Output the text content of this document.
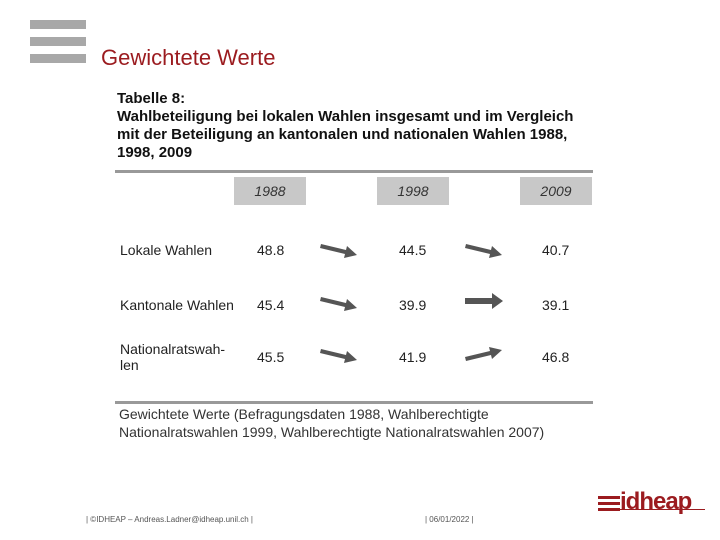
Gewichtete Werte
Tabelle 8:
Wahlbeteiligung bei lokalen Wahlen insgesamt und im Vergleich mit der Beteiligung an kantonalen und nationalen Wahlen 1988, 1998, 2009
1988	1998	2009
Lokale Wahlen	48.8	44.5	40.7
Kantonale Wahlen 45.4	39.9	39.1
Nationalratswah-len	45.5	41.9	46.8
Gewichtete Werte (Befragungsdaten 1988, Wahlberechtigte Nationalratswahlen 1999, Wahlberechtigte Nationalratswahlen 2007)
| ©IDHEAP – Andreas.Ladner@idheap.unil.ch |	| 06/01/2022 |
idheap
